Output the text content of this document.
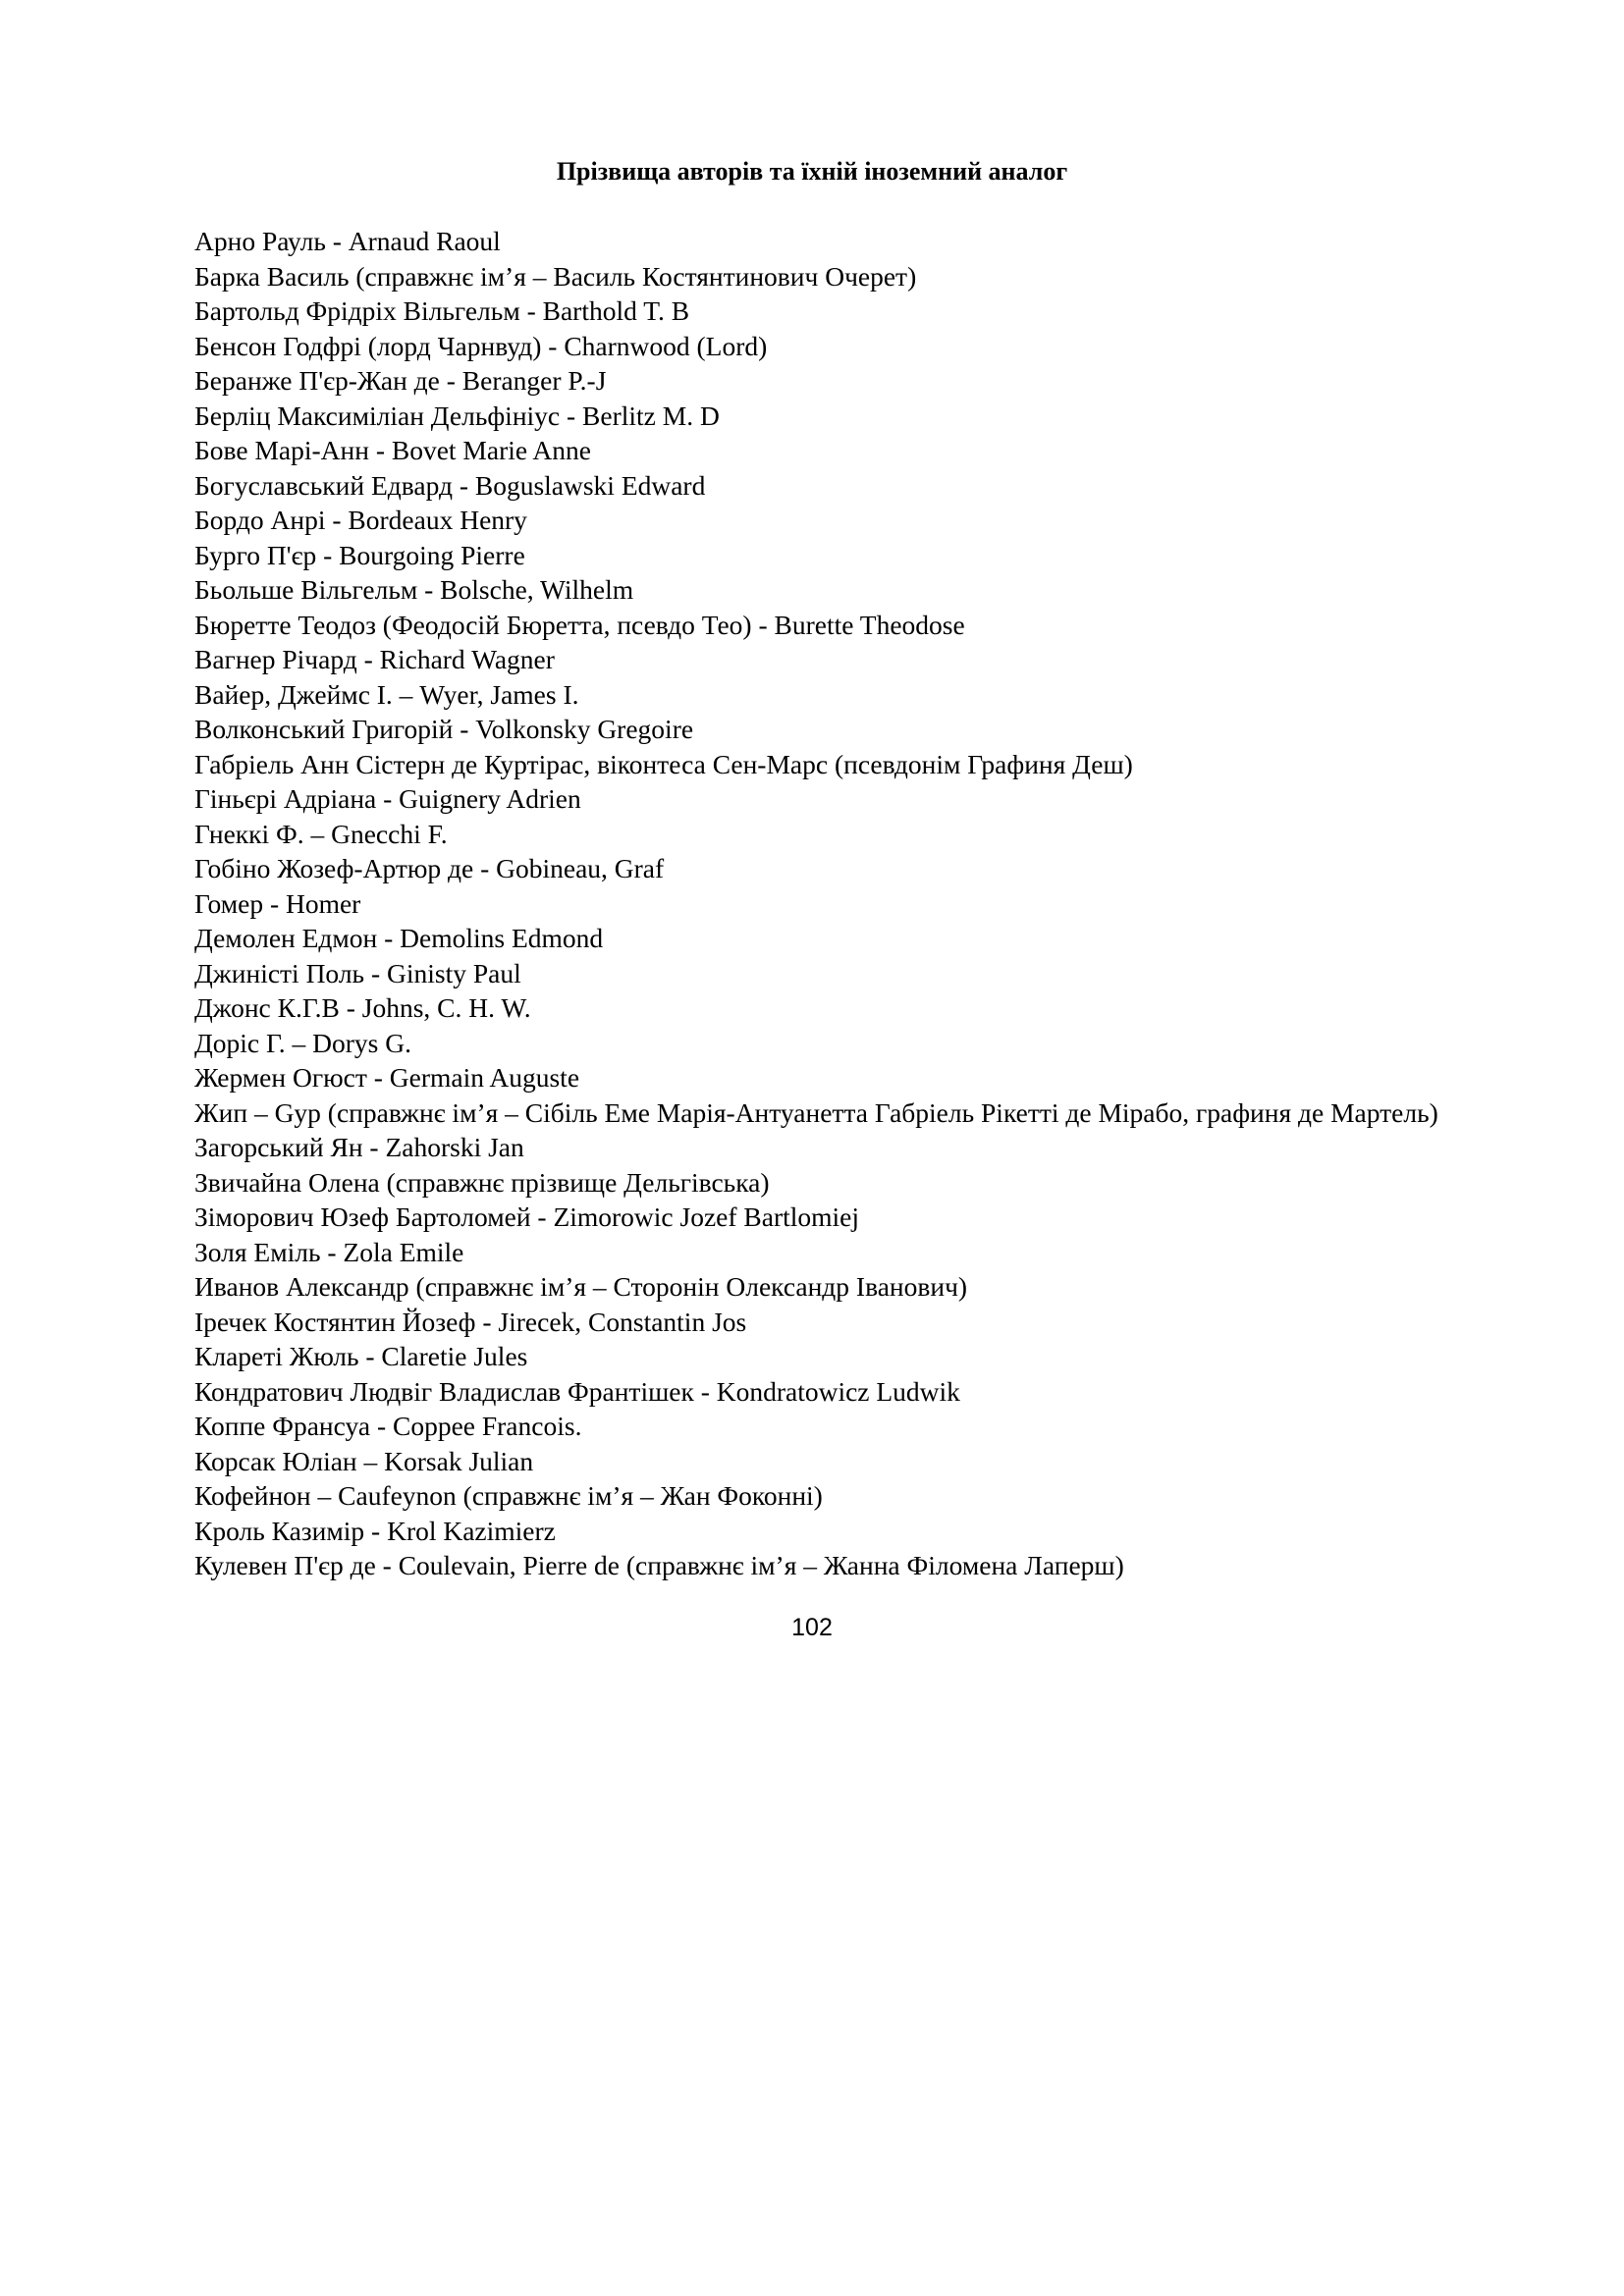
Прізвища авторів та їхній іноземний аналог
Арно Рауль - Arnaud Raoul
Барка Василь (справжнє ім’я – Василь Костянтинович Очерет)
Бартольд Фрідріх Вільгельм - Barthold T. B
Бенсон Годфрі (лорд Чарнвуд) - Charnwood (Lord)
Беранже П'єр-Жан де - Beranger P.-J
Берліц Максиміліан Дельфініус - Berlitz M. D
Бове Марі-Анн - Bovet Marie Anne
Богуславський Едвард - Boguslawski Edward
Бордо Анрі - Bordeaux Henry
Бурго П'єр - Bourgoing Pierre
Бьольше Вільгельм - Bolsche, Wilhelm
Бюретте Теодоз (Феодосій Бюретта, псевдо Тео) - Burette Theodose
Вагнер Річард - Richard Wagner
Вайер, Джеймс І. – Wyer, James I.
Волконський Григорій - Volkonsky Gregoire
Габріель Анн Сістерн де Куртірас, віконтеса Сен-Марс (псевдонім Графиня Деш)
Гіньєрі Адріана - Guignery Adrien
Гнеккі Ф. – Gnecchi F.
Гобіно Жозеф-Артюр де - Gobineau, Graf
Гомер - Homer
Демолен Едмон - Demolins Edmond
Джиністі Поль - Ginisty Paul
Джонс К.Г.В - Johns, C. H. W.
Доріс Г. – Dorys G.
Жермен Огюст - Germain Auguste
Жип – Gyp (справжнє ім’я – Сібіль Еме Марія-Антуанетта Габріель Рікетті де Мірабо, графиня де Мартель)
Загорський Ян - Zahorski Jan
Звичайна Олена (справжнє прізвище Дельгівська)
Зіморович Юзеф Бартоломей - Zimorowic Jozef Bartlomiej
Золя Еміль - Zola Emile
Иванов Александр (справжнє ім’я – Сторонін Олександр Іванович)
Іречек Костянтин Йозеф - Jirecek, Constantin Jos
Клареті Жюль - Claretie Jules
Кондратович Людвіг Владислав Франтішек - Kondratowicz Ludwik
Коппе Франсуа - Coppee Francois.
Корсак Юліан – Korsak Julian
Кофейнон – Caufeynon (справжнє ім’я – Жан Фоконні)
Кроль Казимір - Krol Kazimierz
Кулевен П'єр де - Coulevain, Pierre de (справжнє ім’я – Жанна Філомена Лаперш)
102
